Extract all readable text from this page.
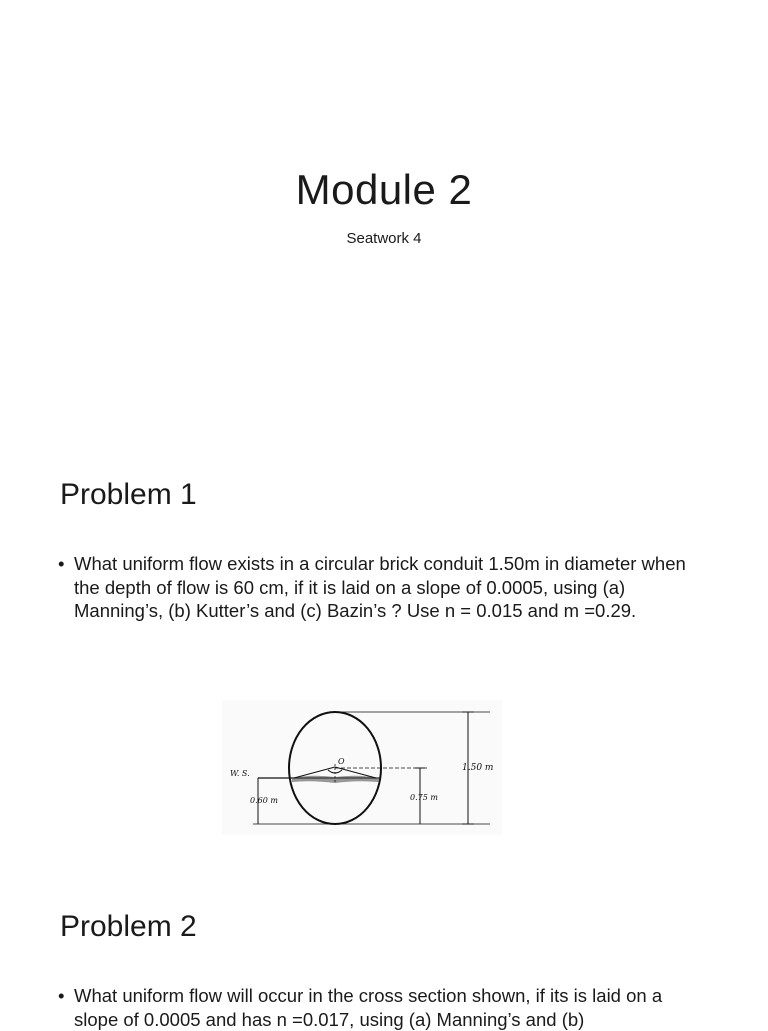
Module 2
Seatwork 4
Problem 1
• What uniform flow exists in a circular brick conduit 1.50m in diameter when the depth of flow is 60 cm, if it is laid on a slope of 0.0005, using (a) Manning’s, (b) Kutter’s and (c) Bazin’s ? Use n = 0.015 and m =0.29.
O
1.50 m
0.75 m
W. S.
0.60 m
Problem 2
• What uniform flow will occur in the cross section shown, if its is laid on a slope of 0.0005 and has n =0.017, using (a) Manning’s and (b)
